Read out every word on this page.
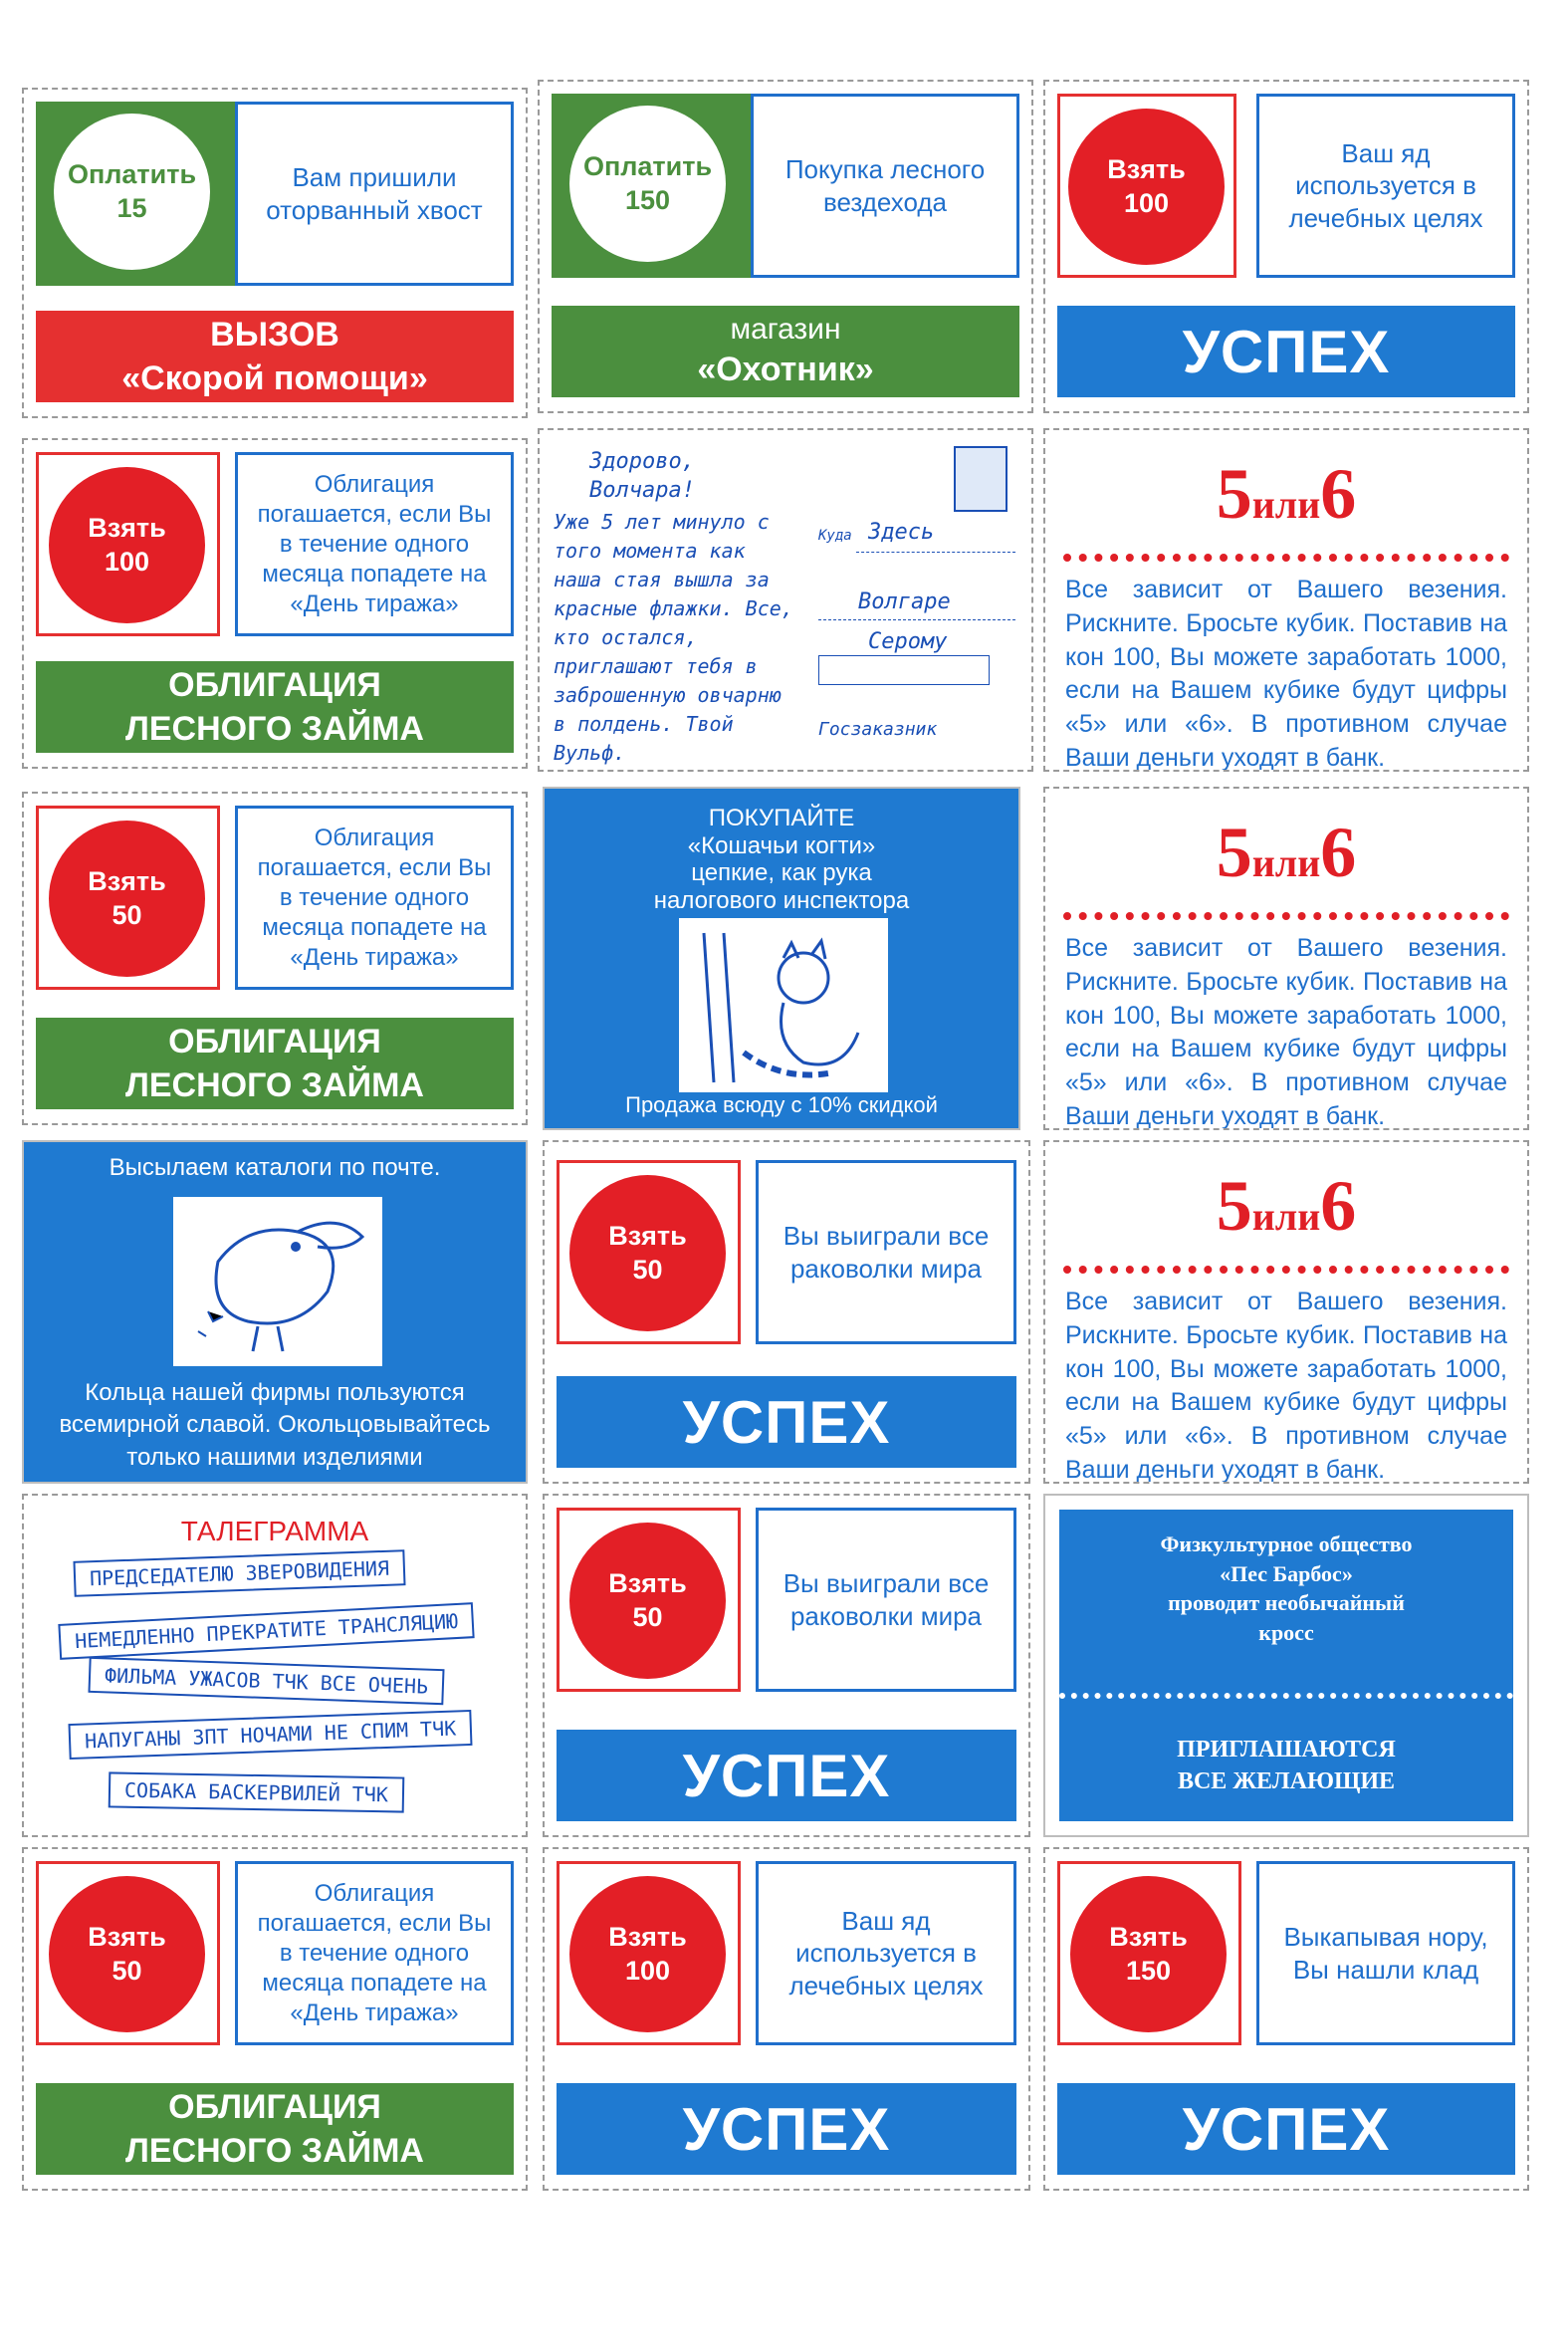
Оплатить
15
Вам пришили оторванный хвост
ВЫЗОВ
«Скорой помощи»
Оплатить
150
Покупка лесного вездехода
магазин
«Охотник»
Взять
100
Ваш яд используется в лечебных целях
УСПЕХ
Взять
100
Облигация погашается, если Вы в течение одного месяца попадете на «День тиража»
ОБЛИГАЦИЯ
ЛЕСНОГО ЗАЙМА
Здорово, Волчара!
Уже 5 лет минуло с того момента как наша стая вышла за красные флажки. Все, кто остался, приглашают тебя в заброшенную овчарню в полдень. Твой Вульф.
Куда Здесь
Волгаре
Серому
Госзаказник
5или6
Все зависит от Вашего везения. Рискните. Бросьте кубик. Поставив на кон 100, Вы можете заработать 1000, если на Вашем кубике будут цифры «5» или «6». В противном случае Ваши деньги уходят в банк.
Взять
50
Облигация погашается, если Вы в течение одного месяца попадете на «День тиража»
ОБЛИГАЦИЯ
ЛЕСНОГО ЗАЙМА
ПОКУПАЙТЕ
«Кошачьи когти»
цепкие, как рука
налогового инспектора
Продажа всюду с 10% скидкой
5или6
Все зависит от Вашего везения. Рискните. Бросьте кубик. Поставив на кон 100, Вы можете заработать 1000, если на Вашем кубике будут цифры «5» или «6». В противном случае Ваши деньги уходят в банк.
Высылаем каталоги по почте.
Кольца нашей фирмы пользуются всемирной славой. Окольцовывайтесь только нашими изделиями
Взять
50
Вы выиграли все раковолки мира
УСПЕХ
5или6
Все зависит от Вашего везения. Рискните. Бросьте кубик. Поставив на кон 100, Вы можете заработать 1000, если на Вашем кубике будут цифры «5» или «6». В противном случае Ваши деньги уходят в банк.
ТАЛЕГРАММА
ПРЕДСЕДАТЕЛЮ ЗВЕРОВИДЕНИЯ
НЕМЕДЛЕННО ПРЕКРАТИТЕ ТРАНСЛЯЦИЮ
ФИЛЬМА УЖАСОВ ТЧК ВСЕ ОЧЕНЬ
НАПУГАНЫ ЗПТ НОЧАМИ НЕ СПИМ ТЧК
СОБАКА БАСКЕРВИЛЕЙ ТЧК
Взять
50
Вы выиграли все раковолки мира
УСПЕХ
Физкультурное общество
«Пес Барбос»
проводит необычайный
кросс
ПРИГЛАШАЮТСЯ
ВСЕ ЖЕЛАЮЩИЕ
Взять
50
Облигация погашается, если Вы в течение одного месяца попадете на «День тиража»
ОБЛИГАЦИЯ
ЛЕСНОГО ЗАЙМА
Взять
100
Ваш яд используется в лечебных целях
УСПЕХ
Взять
150
Выкапывая нору, Вы нашли клад
УСПЕХ
